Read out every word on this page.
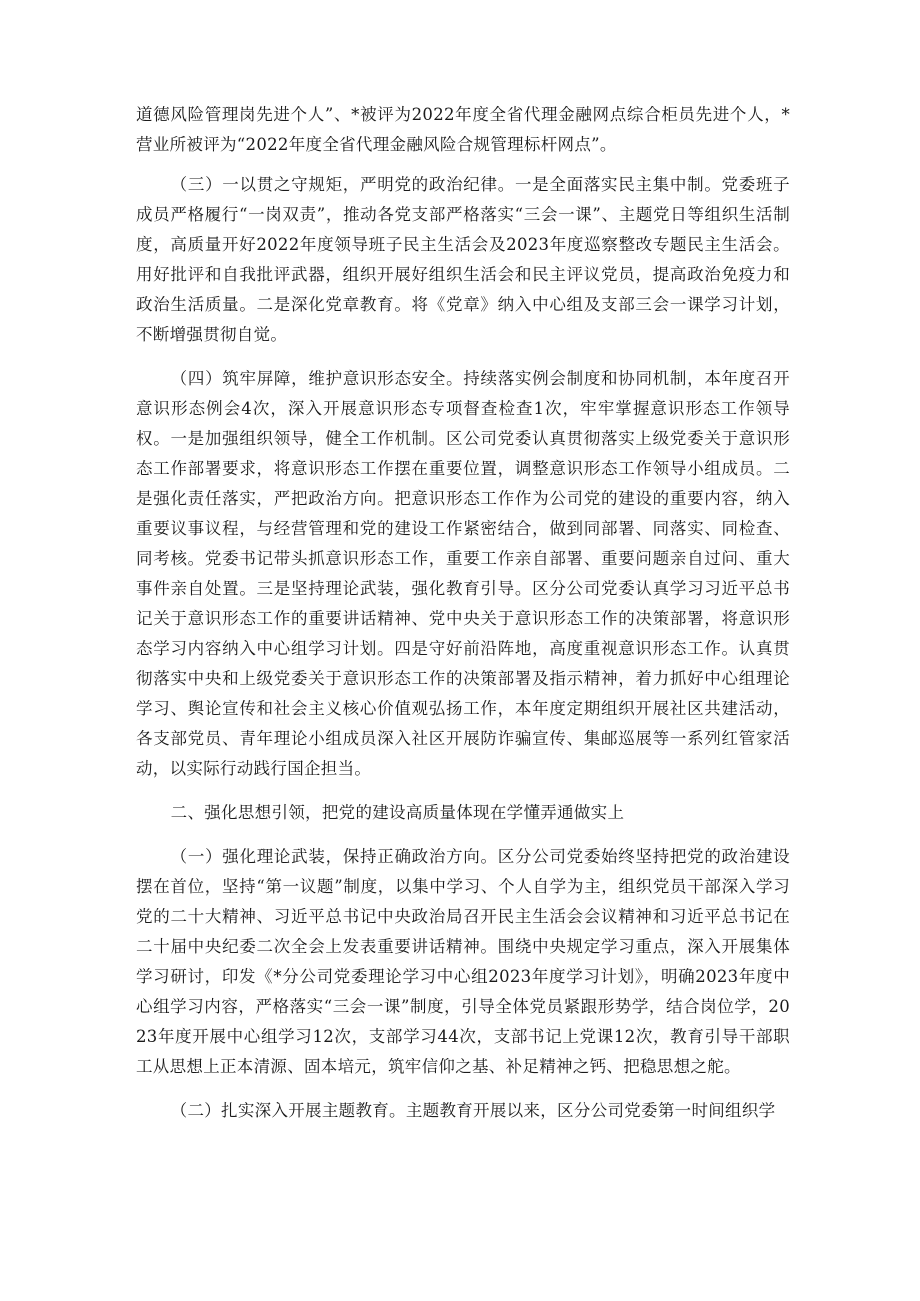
道德风险管理岗先进个人”、*被评为2022年度全省代理金融网点综合柜员先进个人，*营业所被评为“2022年度全省代理金融风险合规管理标杆网点”。

（三）一以贯之守规矩，严明党的政治纪律。一是全面落实民主集中制。党委班子成员严格履行“一岗双责”，推动各党支部严格落实“三会一课”、主题党日等组织生活制度，高质量开好2022年度领导班子民主生活会及2023年度巡察整改专题民主生活会。用好批评和自我批评武器，组织开展好组织生活会和民主评议党员，提高政治免疫力和政治生活质量。二是深化党章教育。将《党章》纳入中心组及支部三会一课学习计划，不断增强贯彻自觉。

（四）筑牢屏障，维护意识形态安全。持续落实例会制度和协同机制，本年度召开意识形态例会4次，深入开展意识形态专项督查检查1次，牢牢掌握意识形态工作领导权。一是加强组织领导，健全工作机制。区公司党委认真贯彻落实上级党委关于意识形态工作部署要求，将意识形态工作摆在重要位置，调整意识形态工作领导小组成员。二是强化责任落实，严把政治方向。把意识形态工作作为公司党的建设的重要内容，纳入重要议事议程，与经营管理和党的建设工作紧密结合，做到同部署、同落实、同检查、同考核。党委书记带头抓意识形态工作，重要工作亲自部署、重要问题亲自过问、重大事件亲自处置。三是坚持理论武装，强化教育引导。区分公司党委认真学习习近平总书记关于意识形态工作的重要讲话精神、党中央关于意识形态工作的决策部署，将意识形态学习内容纳入中心组学习计划。四是守好前沿阵地，高度重视意识形态工作。认真贯彻落实中央和上级党委关于意识形态工作的决策部署及指示精神，着力抓好中心组理论学习、舆论宣传和社会主义核心价值观弘扬工作，本年度定期组织开展社区共建活动，各支部党员、青年理论小组成员深入社区开展防诈骗宣传、集邮巡展等一系列红管家活动，以实际行动践行国企担当。

二、强化思想引领，把党的建设高质量体现在学懂弄通做实上

（一）强化理论武装，保持正确政治方向。区分公司党委始终坚持把党的政治建设摆在首位，坚持“第一议题”制度，以集中学习、个人自学为主，组织党员干部深入学习党的二十大精神、习近平总书记中央政治局召开民主生活会会议精神和习近平总书记在二十届中央纪委二次全会上发表重要讲话精神。围绕中央规定学习重点，深入开展集体学习研讨，印发《*分公司党委理论学习中心组2023年度学习计划》，明确2023年度中心组学习内容，严格落实“三会一课”制度，引导全体党员紧跟形势学，结合岗位学，2023年度开展中心组学习12次，支部学习44次，支部书记上党课12次，教育引导干部职工从思想上正本清源、固本培元，筑牢信仰之基、补足精神之钙、把稳思想之舵。

（二）扎实深入开展主题教育。主题教育开展以来，区分公司党委第一时间组织学
